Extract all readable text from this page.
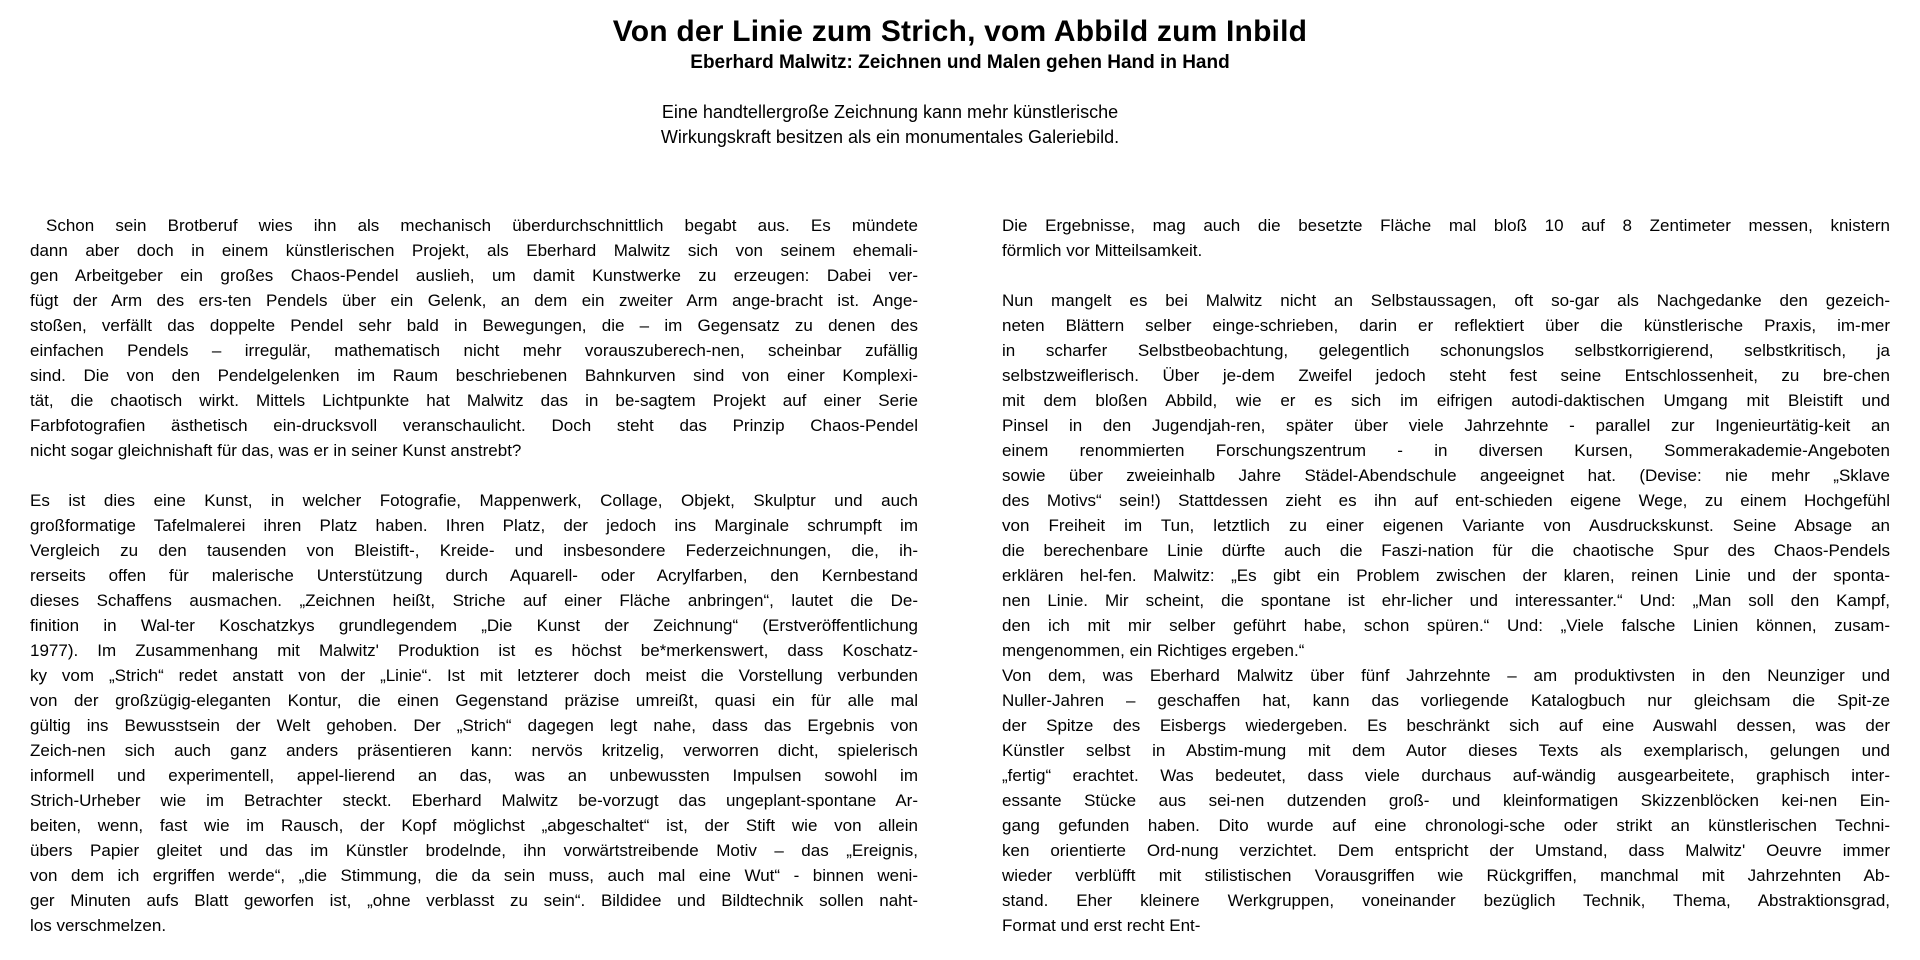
Von der Linie zum Strich, vom Abbild zum Inbild
Eberhard Malwitz: Zeichnen und Malen gehen Hand in Hand
Eine handtellergroße Zeichnung kann mehr künstlerische
Wirkungskraft besitzen als ein monumentales Galeriebild.
Schon sein Brotberuf wies ihn als mechanisch überdurchschnittlich begabt aus. Es mündete
dann aber doch in einem künstlerischen Projekt, als Eberhard Malwitz sich von seinem ehemali-
gen Arbeitgeber ein großes Chaos-Pendel auslieh, um damit Kunstwerke zu erzeugen: Dabei ver-
fügt der Arm des ers-ten Pendels über ein Gelenk, an dem ein zweiter Arm ange-bracht ist. Ange-
stoßen, verfällt das doppelte Pendel sehr bald in Bewegungen, die – im Gegensatz zu denen des
einfachen Pendels – irregulär, mathematisch nicht mehr vorauszuberech-nen, scheinbar zufällig
sind. Die von den Pendelgelenken im Raum beschriebenen Bahnkurven sind von einer Komplexi-
tät, die chaotisch wirkt. Mittels Lichtpunkte hat Malwitz das in be-sagtem Projekt auf einer Serie
Farbfotografien ästhetisch ein-drucksvoll veranschaulicht. Doch steht das Prinzip Chaos-Pendel
nicht sogar gleichnishaft für das, was er in seiner Kunst anstrebt?
Es ist dies eine Kunst, in welcher Fotografie, Mappenwerk, Collage, Objekt, Skulptur und auch
großformatige Tafelmalerei ihren Platz haben. Ihren Platz, der jedoch ins Marginale schrumpft im
Vergleich zu den tausenden von Bleistift-, Kreide- und insbesondere Federzeichnungen, die, ih-
rerseits offen für malerische Unterstützung durch Aquarell- oder Acrylfarben, den Kernbestand
dieses Schaffens ausmachen. „Zeichnen heißt, Striche auf einer Fläche anbringen“, lautet die De-
finition in Wal-ter Koschatzkys grundlegendem „Die Kunst der Zeichnung“ (Erstveröffentlichung
1977). Im Zusammenhang mit Malwitz' Produktion ist es höchst be*merkenswert, dass Koschatz-
ky vom „Strich“ redet anstatt von der „Linie“. Ist mit letzterer doch meist die Vorstellung verbunden
von der großzügig-eleganten Kontur, die einen Gegenstand präzise umreißt, quasi ein für alle mal
gültig ins Bewusstsein der Welt gehoben. Der „Strich“ dagegen legt nahe, dass das Ergebnis von
Zeich-nen sich auch ganz anders präsentieren kann: nervös kritzelig, verworren dicht, spielerisch
informell und experimentell, appel-lierend an das, was an unbewussten Impulsen sowohl im
Strich-Urheber wie im Betrachter steckt. Eberhard Malwitz be-vorzugt das ungeplant-spontane Ar-
beiten, wenn, fast wie im Rausch, der Kopf möglichst „abgeschaltet“ ist, der Stift wie von allein
übers Papier gleitet und das im Künstler brodelnde, ihn vorwärtstreibende Motiv – das „Ereignis,
von dem ich ergriffen werde“, „die Stimmung, die da sein muss, auch mal eine Wut“ - binnen weni-
ger Minuten aufs Blatt geworfen ist, „ohne verblasst zu sein“. Bildidee und Bildtechnik sollen naht-
los verschmelzen.
Die Ergebnisse, mag auch die besetzte Fläche mal bloß 10 auf 8 Zentimeter messen, knistern
förmlich vor Mitteilsamkeit.
Nun mangelt es bei Malwitz nicht an Selbstaussagen, oft so-gar als Nachgedanke den gezeich-
neten Blättern selber einge-schrieben, darin er reflektiert über die künstlerische Praxis, im-mer
in scharfer Selbstbeobachtung, gelegentlich schonungslos selbstkorrigierend, selbstkritisch, ja
selbstzweiflerisch. Über je-dem Zweifel jedoch steht fest seine Entschlossenheit, zu bre-chen
mit dem bloßen Abbild, wie er es sich im eifrigen autodi-daktischen Umgang mit Bleistift und
Pinsel in den Jugendjah-ren, später über viele Jahrzehnte - parallel zur Ingenieurtätig-keit an
einem renommierten Forschungszentrum - in diversen Kursen, Sommerakademie-Angeboten
sowie über zweieinhalb Jahre Städel-Abendschule angeeignet hat. (Devise: nie mehr „Sklave
des Motivs“ sein!) Stattdessen zieht es ihn auf ent-schieden eigene Wege, zu einem Hochgefühl
von Freiheit im Tun, letztlich zu einer eigenen Variante von Ausdruckskunst. Seine Absage an
die berechenbare Linie dürfte auch die Faszi-nation für die chaotische Spur des Chaos-Pendels
erklären hel-fen. Malwitz: „Es gibt ein Problem zwischen der klaren, reinen Linie und der sponta-
nen Linie. Mir scheint, die spontane ist ehr-licher und interessanter.“ Und: „Man soll den Kampf,
den ich mit mir selber geführt habe, schon spüren.“ Und: „Viele falsche Linien können, zusam-
mengenommen, ein Richtiges ergeben.“
Von dem, was Eberhard Malwitz über fünf Jahrzehnte – am produktivsten in den Neunziger und
Nuller-Jahren – geschaffen hat, kann das vorliegende Katalogbuch nur gleichsam die Spit-ze
der Spitze des Eisbergs wiedergeben. Es beschränkt sich auf eine Auswahl dessen, was der
Künstler selbst in Abstim-mung mit dem Autor dieses Texts als exemplarisch, gelungen und
„fertig“ erachtet. Was bedeutet, dass viele durchaus auf-wändig ausgearbeitete, graphisch inter-
essante Stücke aus sei-nen dutzenden groß- und kleinformatigen Skizzenblöcken kei-nen Ein-
gang gefunden haben. Dito wurde auf eine chronologi-sche oder strikt an künstlerischen Techni-
ken orientierte Ord-nung verzichtet. Dem entspricht der Umstand, dass Malwitz' Oeuvre immer
wieder verblüfft mit stilistischen Vorausgriffen wie Rückgriffen, manchmal mit Jahrzehnten Ab-
stand. Eher kleinere Werkgruppen, voneinander bezüglich Technik, Thema, Abstraktionsgrad,
Format und erst recht Ent-
